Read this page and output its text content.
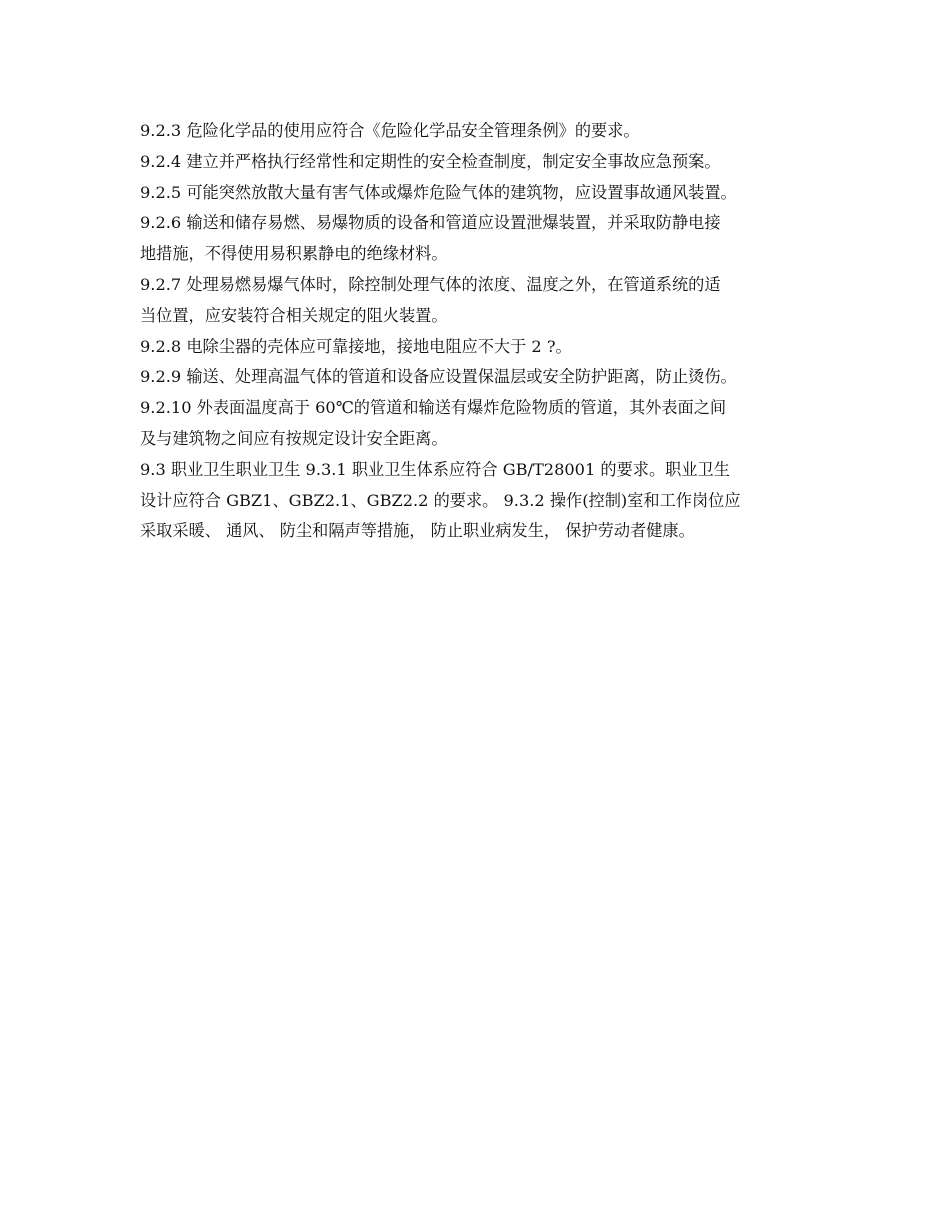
9.2.3 危险化学品的使用应符合《危险化学品安全管理条例》的要求。
9.2.4 建立并严格执行经常性和定期性的安全检查制度，制定安全事故应急预案。
9.2.5 可能突然放散大量有害气体或爆炸危险气体的建筑物，应设置事故通风装置。
9.2.6 输送和储存易燃、易爆物质的设备和管道应设置泄爆装置，并采取防静电接
地措施，不得使用易积累静电的绝缘材料。
9.2.7 处理易燃易爆气体时，除控制处理气体的浓度、温度之外，在管道系统的适
当位置，应安装符合相关规定的阻火装置。
9.2.8 电除尘器的壳体应可靠接地，接地电阻应不大于 2 ?。
9.2.9 输送、处理高温气体的管道和设备应设置保温层或安全防护距离，防止烫伤。
9.2.10 外表面温度高于 60℃的管道和输送有爆炸危险物质的管道，其外表面之间
及与建筑物之间应有按规定设计安全距离。
9.3 职业卫生职业卫生 9.3.1 职业卫生体系应符合 GB/T28001 的要求。职业卫生
设计应符合 GBZ1、GBZ2.1、GBZ2.2 的要求。 9.3.2 操作(控制)室和工作岗位应
采取采暖、 通风、 防尘和隔声等措施， 防止职业病发生， 保护劳动者健康。
